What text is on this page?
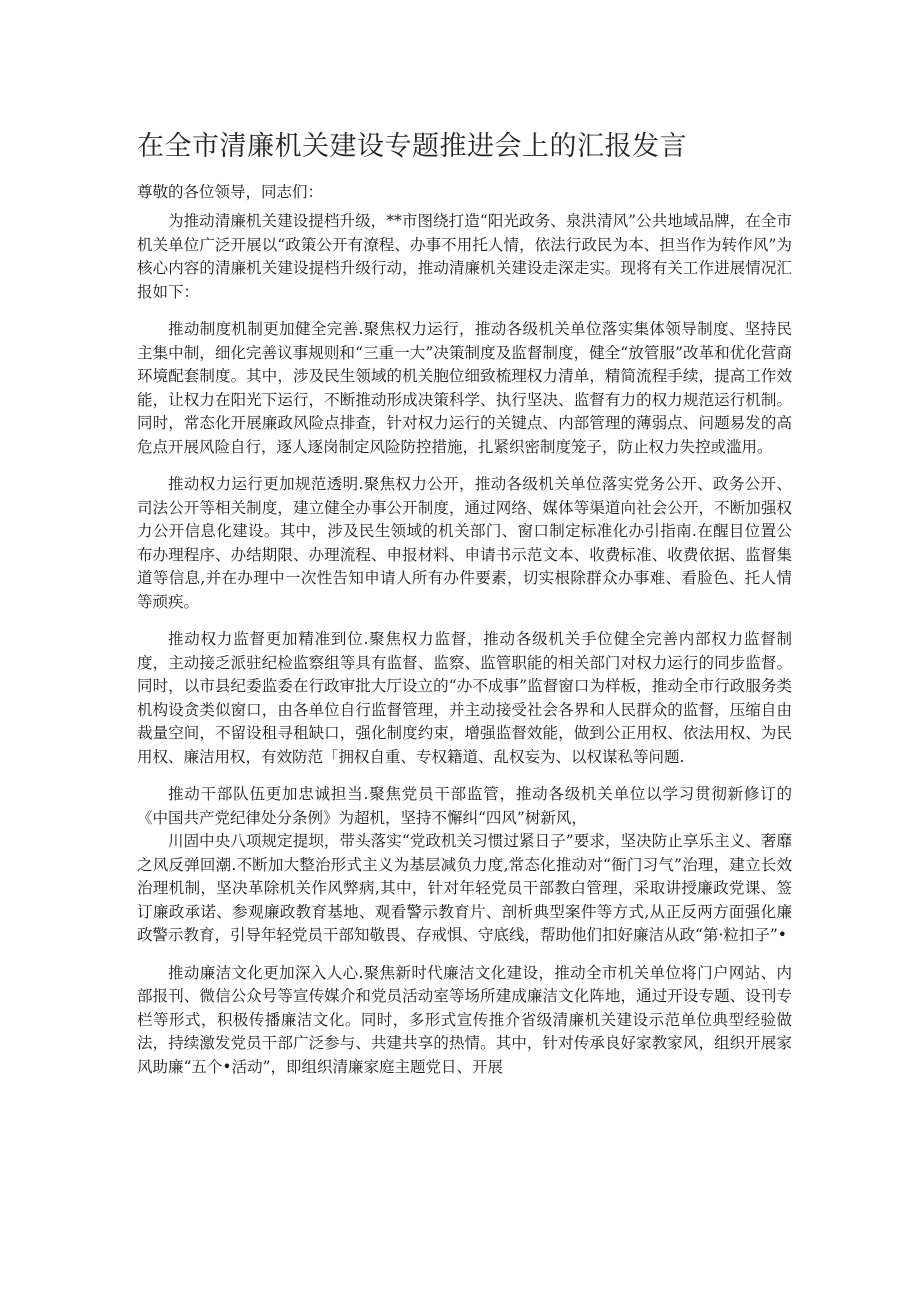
在全市清廉机关建设专题推进会上的汇报发言

尊敬的各位领导，同志们：

为推动清廉机关建设提档升级，**市图绕打造“阳光政务、泉洪清风”公共地域品牌，在全市机关单位广泛开展以“政策公开有潦程、办事不用托人情，依法行政民为本、担当作为转作风”为核心内容的清廉机关建设提档升级行动，推动清廉机关建设走深走实。现将有关工作进展情况汇报如下：

推动制度机制更加健全完善.聚焦权力运行，推动各级机关单位落实集体领导制度、坚持民主集中制，细化完善议事规则和“三重一大”决策制度及监督制度，健全“放管服”改革和优化营商环境配套制度。其中，涉及民生领域的机关胞位细致梳理权力清单，精简流程手续，提高工作效能，让权力在阳光下运行，不断推动形成决策科学、执行坚决、监督有力的权力规范运行机制。同时，常态化开展廉政风险点排查，针对权力运行的关键点、内部管理的薄弱点、问题易发的高危点开展风险自行，逐人逐岗制定风险防控措施，扎紧织密制度笼子，防止权力失控或滥用。

推动权力运行更加规范透明.聚焦权力公开，推动各级机关单位落实党务公开、政务公开、司法公开等相关制度，建立健全办事公开制度，通过网络、媒体等渠道向社会公开，不断加强权力公开信息化建设。其中，涉及民生领域的机关部门、窗口制定标准化办引指南.在醒目位置公布办理程序、办结期限、办理流程、申报材料、申请书示范文本、收费标准、收费依据、监督集道等信息,并在办理中一次性告知申请人所有办件要素，切实根除群众办事难、看脸色、托人情等顽疾。

推动权力监督更加精准到位.聚焦权力监督，推动各级机关手位健全完善内部权力监督制度，主动接乏派驻纪检监察组等具有监督、监察、监管职能的相关部门对权力运行的同步监督。同时，以市县纪委监委在行政审批大厅设立的“办不成事”监督窗口为样板，推动全市行政服务类机构设贪类似窗口，由各单位自行监督管理，并主动接受社会各界和人民群众的监督，压缩自由裁量空间，不留设租寻租缺口，强化制度约束，增强监督效能，做到公正用权、依法用权、为民用权、廉洁用权，有效防范「拥权自重、专权籍道、乱权妄为、以权谋私等问题.

推动干部队伍更加忠诚担当.聚焦党员干部监管，推动各级机关单位以学习贯彻新修订的《中国共产党纪律处分条例》为超机，坚持不懈纠“四风”树新风，

川固中央八项规定提坝，带头落实“党政机关习惯过紧日子”要求，坚决防止享乐主义、奢靡之风反弹回潮.不断加大整治形式主义为基层减负力度,常态化推动对“衙门习气”治理，建立长效治理机制，坚决革除机关作风弊病,其中，针对年轻党员干部教白管理，采取讲授廉政党课、签订廉政承诺、参观廉政教育基地、观看警示教育片、剖析典型案件等方式,从正反两方面强化廉政警示教育，引导年轻党员干部知敬畏、存戒惧、守底线，帮助他们扣好廉洁从政“第·粒扣子”•

推动廉洁文化更加深入人心.聚焦新时代廉洁文化建设，推动全市机关单位将门户网站、内部报刊、微信公众号等宣传媒介和党员活动室等场所建成廉洁文化阵地，通过开设专题、设刊专栏等形式，积极传播廉洁文化。同时，多形式宣传推介省级清廉机关建设示范单位典型经验做法，持续激发党员干部广泛参与、共建共享的热情。其中，针对传承良好家教家风，组织开展家风助廉“五个•活动”，即组织清廉家庭主题党日、开展
